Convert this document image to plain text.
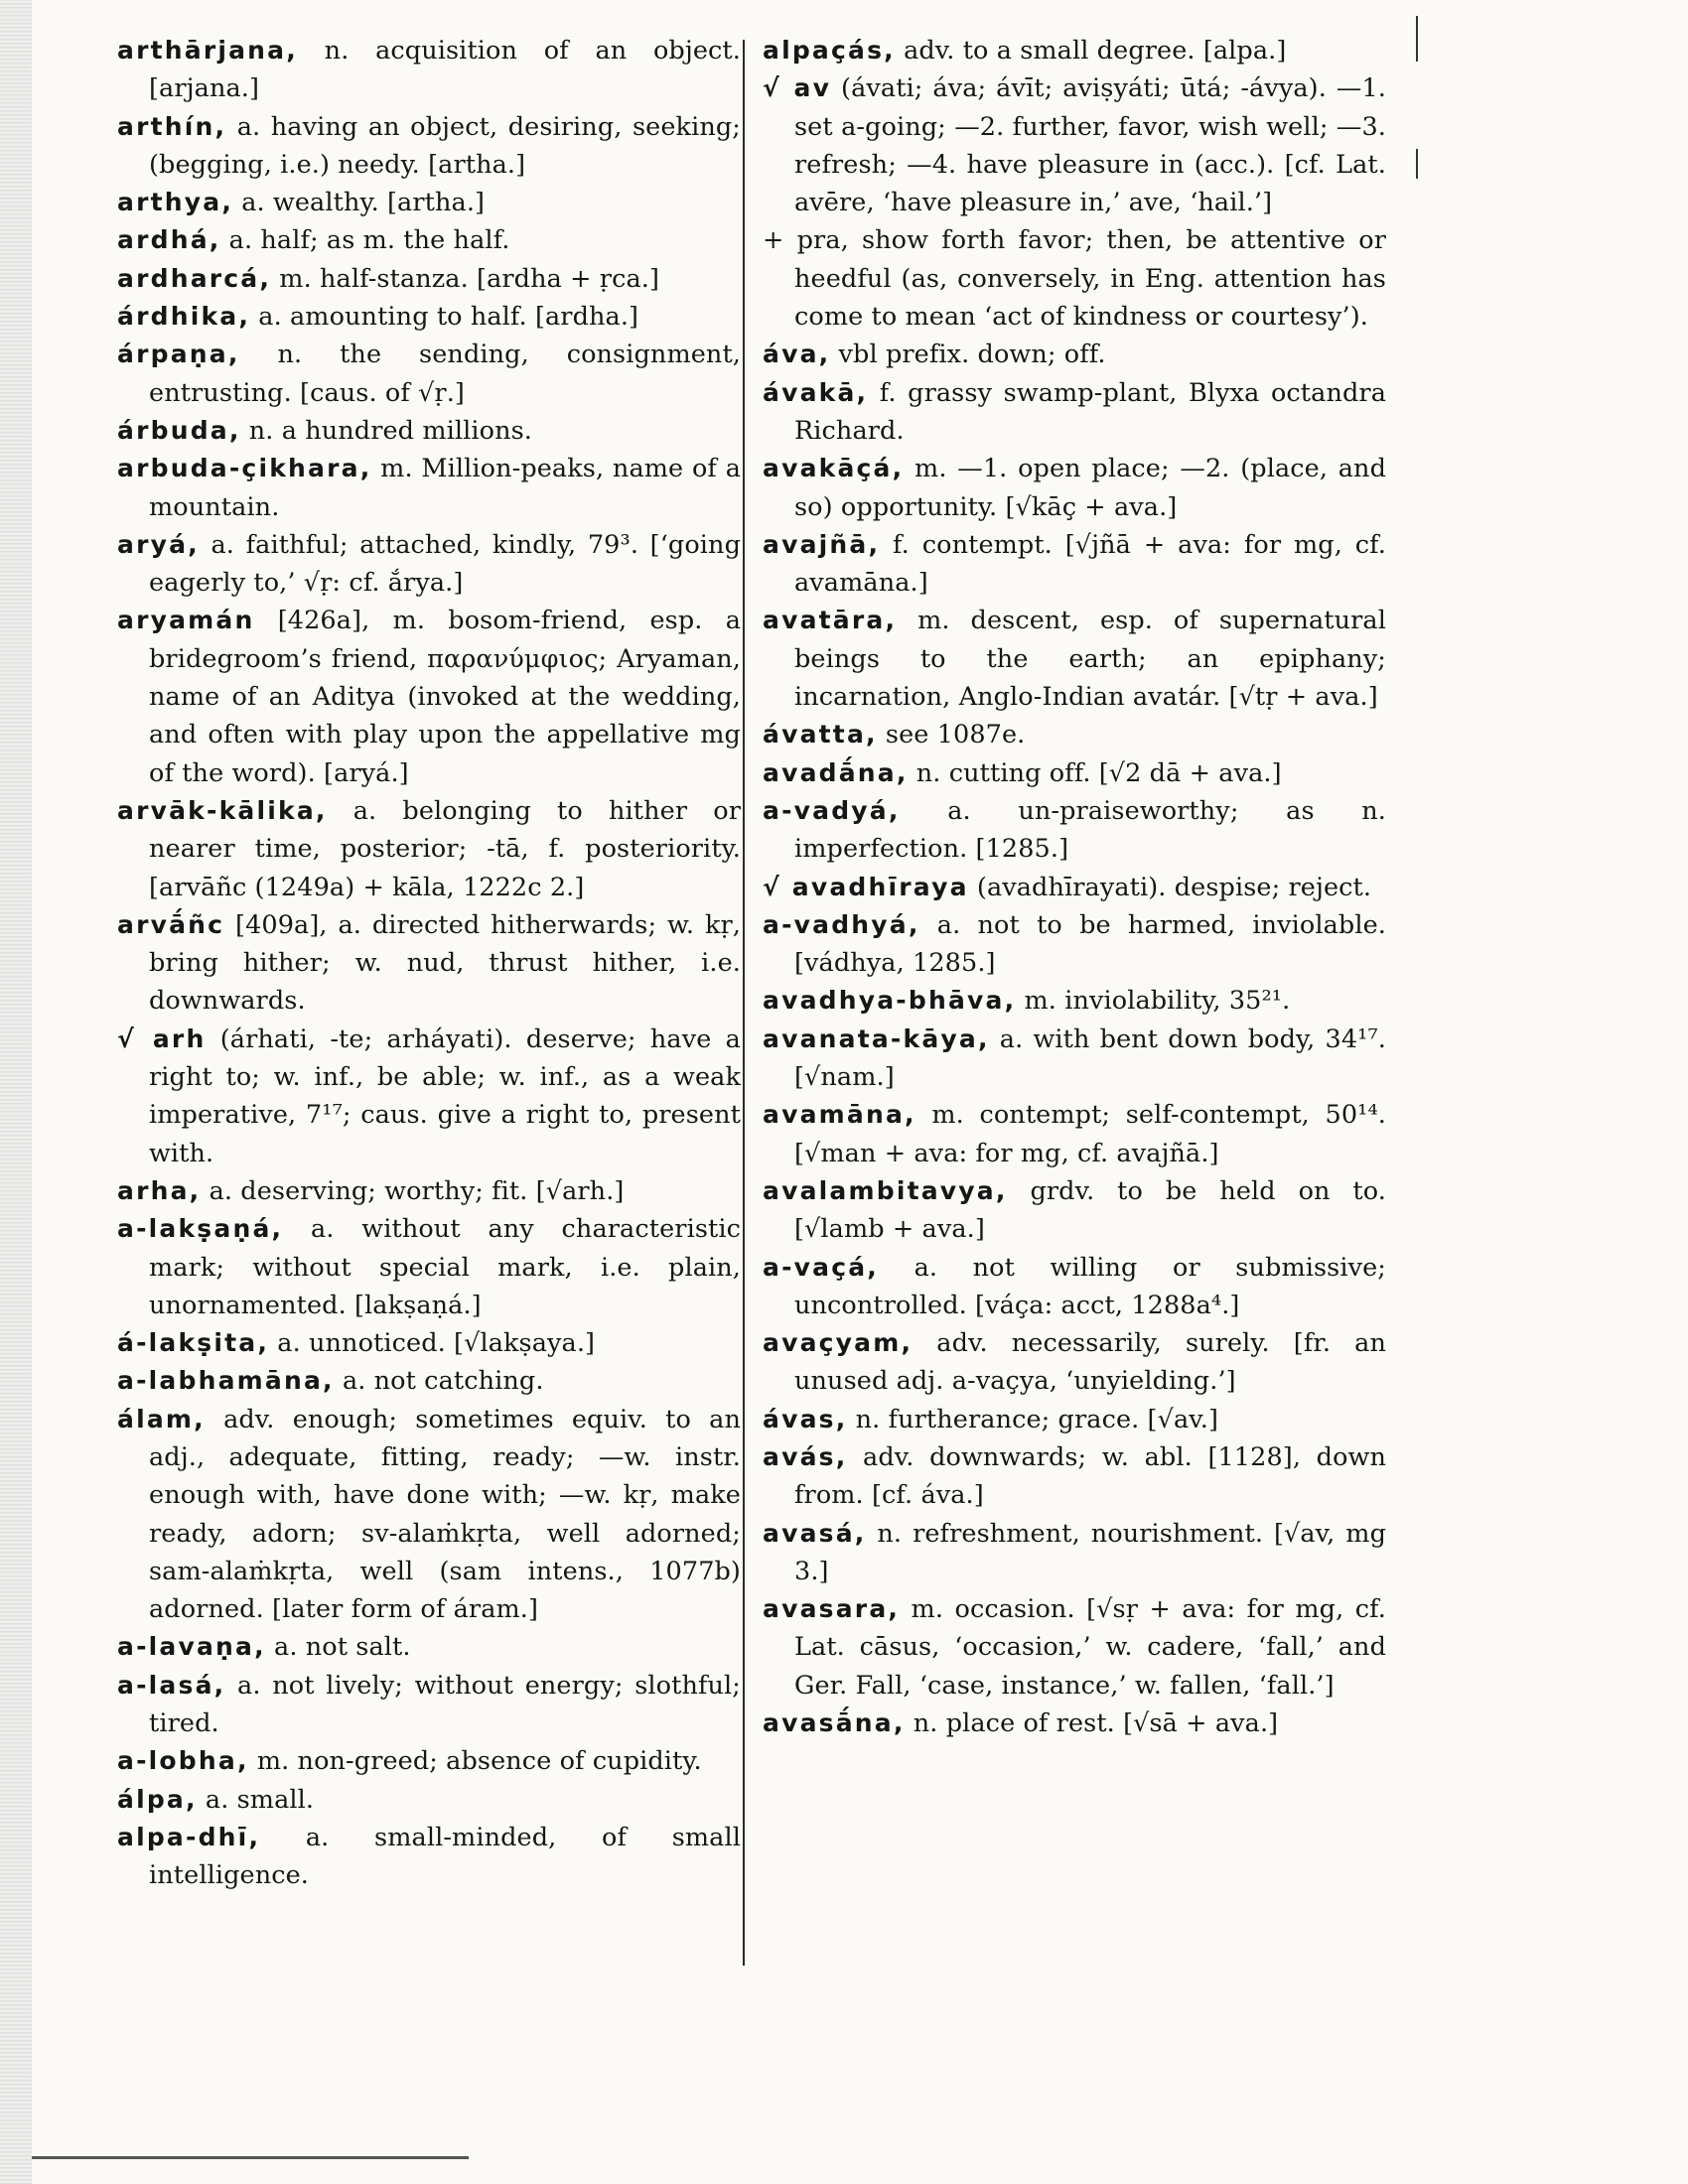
arthārjana, n. acquisition of an object. [arjana.]

arthín, a. having an object, desiring, seeking; (begging, i.e.) needy. [artha.]

arthya, a. wealthy. [artha.]

ardhá, a. half; as m. the half.

ardharcá, m. half-stanza. [ardha + ṛca.]

árdhika, a. amounting to half. [ardha.]

árpaṇa, n. the sending, consignment, entrusting. [caus. of √ṛ.]

árbuda, n. a hundred millions.

arbuda-çikhara, m. Million-peaks, name of a mountain.

aryá, a. faithful; attached, kindly, 79³. [‘going eagerly to,’ √ṛ: cf. ắrya.]

aryamán [426a], m. bosom-friend, esp. a bridegroom’s friend, παρανύμφιος; Aryaman, name of an Aditya (invoked at the wedding, and often with play upon the appellative mg of the word). [aryá.]

arvāk-kālika, a. belonging to hither or nearer time, posterior; -tā, f. posteriority. [arvāñc (1249a) + kāla, 1222c 2.]

arvā́ñc [409a], a. directed hitherwards; w. kṛ, bring hither; w. nud, thrust hither, i.e. downwards.

√ arh (árhati, -te; arháyati). deserve; have a right to; w. inf., be able; w. inf., as a weak imperative, 7¹⁷; caus. give a right to, present with.

arha, a. deserving; worthy; fit. [√arh.]

a-lakṣaṇá, a. without any characteristic mark; without special mark, i.e. plain, unornamented. [lakṣaṇá.]

á-lakṣita, a. unnoticed. [√lakṣaya.]

a-labhamāna, a. not catching.

álam, adv. enough; sometimes equiv. to an adj., adequate, fitting, ready; —w. instr. enough with, have done with; —w. kṛ, make ready, adorn; sv-alaṁkṛta, well adorned; sam-alaṁkṛta, well (sam intens., 1077b) adorned. [later form of áram.]

a-lavaṇa, a. not salt.

a-lasá, a. not lively; without energy; slothful; tired.

a-lobha, m. non-greed; absence of cupidity.

álpa, a. small.

alpa-dhī, a. small-minded, of small intelligence.

alpaçás, adv. to a small degree. [alpa.]

√ av (ávati; áva; ávīt; aviṣyáti; ūtá; -ávya). —1. set a-going; —2. further, favor, wish well; —3. refresh; —4. have pleasure in (acc.). [cf. Lat. avēre, ‘have pleasure in,’ ave, ‘hail.’]

+ pra, show forth favor; then, be attentive or heedful (as, conversely, in Eng. attention has come to mean ‘act of kindness or courtesy’).

áva, vbl prefix. down; off.

ávakā, f. grassy swamp-plant, Blyxa octandra Richard.

avakāçá, m. —1. open place; —2. (place, and so) opportunity. [√kāç + ava.]

avajñā, f. contempt. [√jñā + ava: for mg, cf. avamāna.]

avatāra, m. descent, esp. of supernatural beings to the earth; an epiphany; incarnation, Anglo-Indian avatár. [√tṛ + ava.]

ávatta, see 1087e.

avadā́na, n. cutting off. [√2 dā + ava.]

a-vadyá, a. un-praiseworthy; as n. imperfection. [1285.]

√ avadhīraya (avadhīrayati). despise; reject.

a-vadhyá, a. not to be harmed, inviolable. [vádhya, 1285.]

avadhya-bhāva, m. inviolability, 35²¹.

avanata-kāya, a. with bent down body, 34¹⁷. [√nam.]

avamāna, m. contempt; self-contempt, 50¹⁴. [√man + ava: for mg, cf. avajñā.]

avalambitavya, grdv. to be held on to. [√lamb + ava.]

a-vaçá, a. not willing or submissive; uncontrolled. [váça: acct, 1288a⁴.]

avaçyam, adv. necessarily, surely. [fr. an unused adj. a-vaçya, ‘unyielding.’]

ávas, n. furtherance; grace. [√av.]

avás, adv. downwards; w. abl. [1128], down from. [cf. áva.]

avasá, n. refreshment, nourishment. [√av, mg 3.]

avasara, m. occasion. [√sṛ + ava: for mg, cf. Lat. cāsus, ‘occasion,’ w. cadere, ‘fall,’ and Ger. Fall, ‘case, instance,’ w. fallen, ‘fall.’]

avasā́na, n. place of rest. [√sā + ava.]
